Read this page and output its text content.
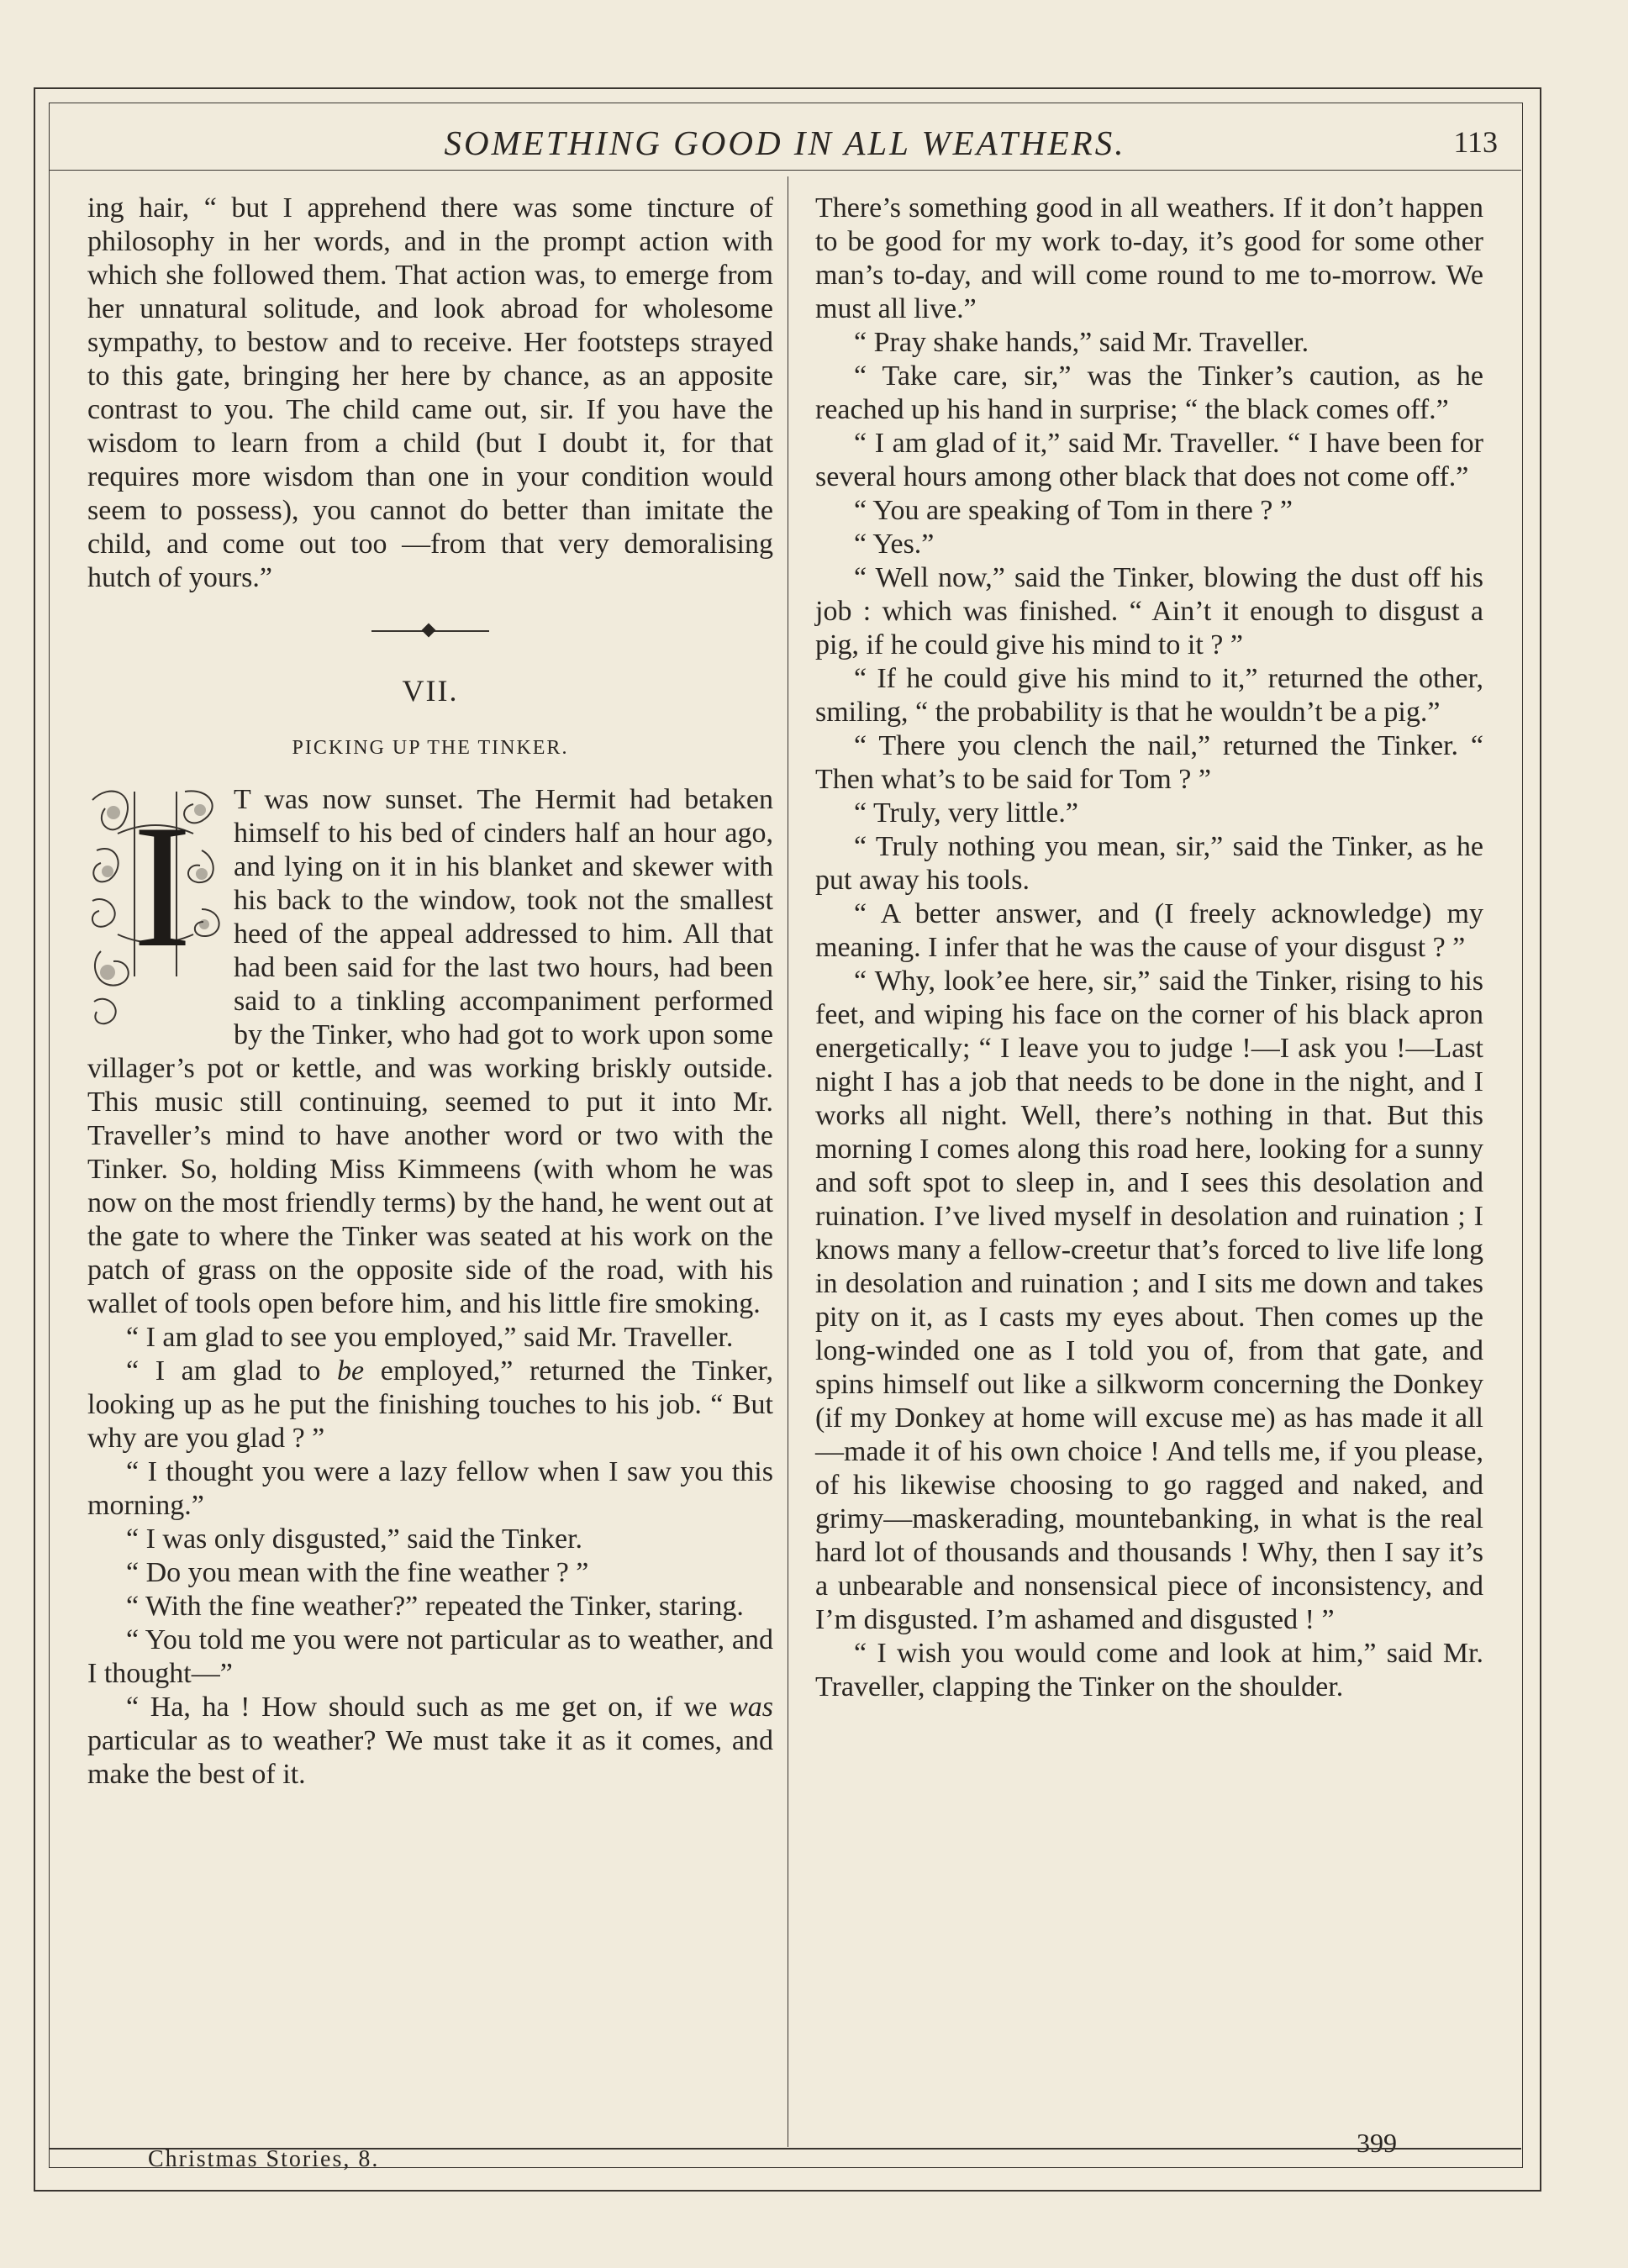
SOMETHING GOOD IN ALL WEATHERS.	113

ing hair, “ but I apprehend there was some tincture of philosophy in her words, and in the prompt action with which she followed them. That action was, to emerge from her unnatural solitude, and look abroad for wholesome sympathy, to bestow and to receive. Her footsteps strayed to this gate, bringing her here by chance, as an apposite contrast to you. The child came out, sir. If you have the wisdom to learn from a child (but I doubt it, for that requires more wisdom than one in your condition would seem to possess), you cannot do better than imitate the child, and come out too —from that very demoralising hutch of yours.”

VII.
PICKING UP THE TINKER.
I	T was now sunset. The Hermit had betaken himself to his bed of cinders half an hour ago, and lying on it in his blanket and skewer with his back to the window, took not the smallest heed of the appeal addressed to him. All that had been said for the last two hours, had been said to a tinkling accompaniment performed by the Tinker, who had got to work upon some villager’s pot or kettle, and was working briskly outside. This music still continuing, seemed to put it into Mr. Traveller’s mind to have another word or two with the Tinker. So, holding Miss Kimmeens (with whom he was now on the most friendly terms) by the hand, he went out at the gate to where the Tinker was seated at his work on the patch of grass on the opposite side of the road, with his wallet of tools open before him, and his little fire smoking.

“ I am glad to see you employed,” said Mr. Traveller.

“ I am glad to be employed,” returned the Tinker, looking up as he put the finishing touches to his job. “ But why are you glad ? ”

“ I thought you were a lazy fellow when I saw you this morning.”

“ I was only disgusted,” said the Tinker.

“ Do you mean with the fine weather ? ”

“ With the fine weather?” repeated the Tinker, staring.

“ You told me you were not particular as to weather, and I thought—”

“ Ha, ha ! How should such as me get on, if we was particular as to weather? We must take it as it comes, and make the best of it.

There’s something good in all weathers. If it don’t happen to be good for my work to-day, it’s good for some other man’s to-day, and will come round to me to-morrow. We must all live.”

“ Pray shake hands,” said Mr. Traveller.

“ Take care, sir,” was the Tinker’s caution, as he reached up his hand in surprise; “ the black comes off.”

“ I am glad of it,” said Mr. Traveller. “ I have been for several hours among other black that does not come off.”

“ You are speaking of Tom in there ? ”

“ Yes.”

“ Well now,” said the Tinker, blowing the dust off his job : which was finished. “ Ain’t it enough to disgust a pig, if he could give his mind to it ? ”

“ If he could give his mind to it,” returned the other, smiling, “ the probability is that he wouldn’t be a pig.”

“ There you clench the nail,” returned the Tinker. “ Then what’s to be said for Tom ? ”

“ Truly, very little.”

“ Truly nothing you mean, sir,” said the Tinker, as he put away his tools.

“ A better answer, and (I freely acknowledge) my meaning. I infer that he was the cause of your disgust ? ”

“ Why, look’ee here, sir,” said the Tinker, rising to his feet, and wiping his face on the corner of his black apron energetically; “ I leave you to judge !—I ask you !—Last night I has a job that needs to be done in the night, and I works all night. Well, there’s nothing in that. But this morning I comes along this road here, looking for a sunny and soft spot to sleep in, and I sees this desolation and ruination. I’ve lived myself in desolation and ruination ; I knows many a fellow-creetur that’s forced to live life long in desolation and ruination ; and I sits me down and takes pity on it, as I casts my eyes about. Then comes up the long-winded one as I told you of, from that gate, and spins himself out like a silkworm concerning the Donkey (if my Donkey at home will excuse me) as has made it all—made it of his own choice ! And tells me, if you please, of his likewise choosing to go ragged and naked, and grimy—maskerading, mountebanking, in what is the real hard lot of thousands and thousands ! Why, then I say it’s a unbearable and nonsensical piece of inconsistency, and I’m disgusted. I’m ashamed and disgusted ! ”

“ I wish you would come and look at him,” said Mr. Traveller, clapping the Tinker on the shoulder.

Christmas Stories, 8.
399
